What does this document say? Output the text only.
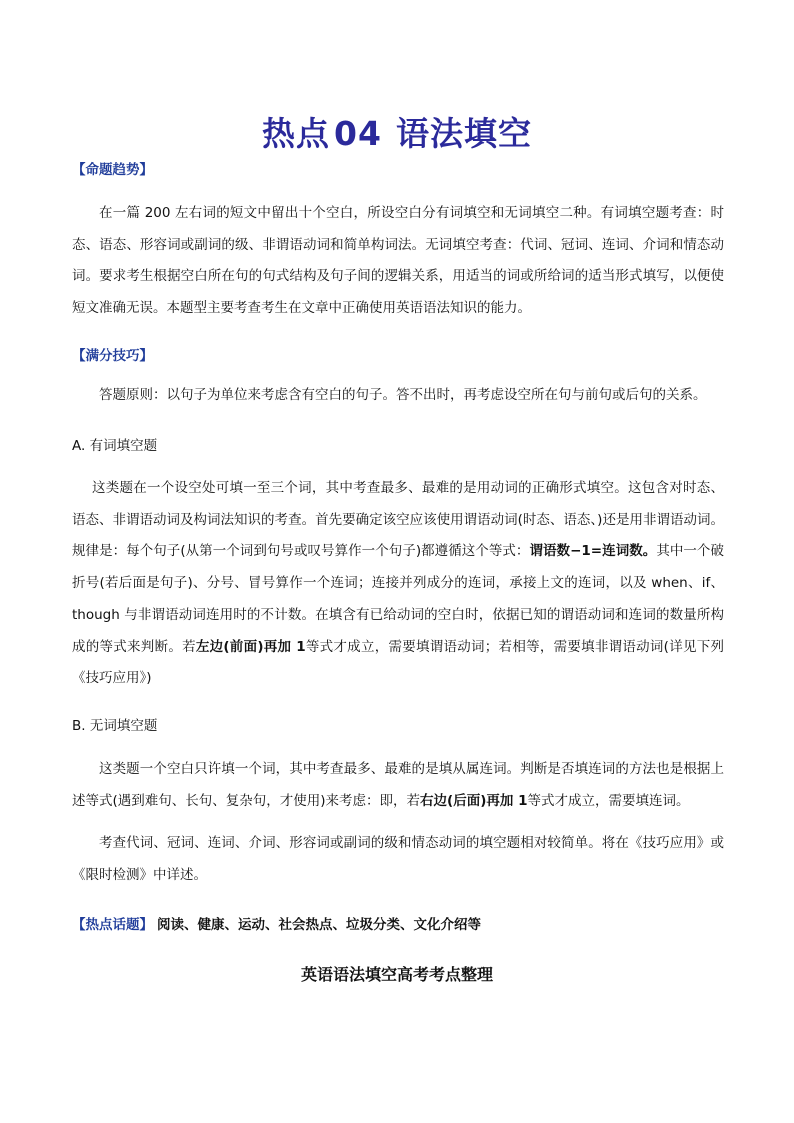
热点 04 语法填空
【命题趋势】

在一篇 200 左右词的短文中留出十个空白，所设空白分有词填空和无词填空二种。有词填空题考查：时态、语态、形容词或副词的级、非谓语动词和简单构词法。无词填空考查：代词、冠词、连词、介词和情态动词。要求考生根据空白所在句的句式结构及句子间的逻辑关系，用适当的词或所给词的适当形式填写，以便使短文准确无误。本题型主要考查考生在文章中正确使用英语语法知识的能力。

【满分技巧】

答题原则：以句子为单位来考虑含有空白的句子。答不出时，再考虑设空所在句与前句或后句的关系。

A. 有词填空题

这类题在一个设空处可填一至三个词，其中考查最多、最难的是用动词的正确形式填空。这包含对时态、语态、非谓语动词及构词法知识的考查。首先要确定该空应该使用谓语动词(时态、语态、)还是用非谓语动词。规律是：每个句子(从第一个词到句号或叹号算作一个句子)都遵循这个等式：谓语数−1=连词数。其中一个破折号(若后面是句子)、分号、冒号算作一个连词；连接并列成分的连词，承接上文的连词，以及 when、if、though 与非谓语动词连用时的不计数。在填含有已给动词的空白时，依据已知的谓语动词和连词的数量所构成的等式来判断。若左边(前面)再加 1等式才成立，需要填谓语动词；若相等，需要填非谓语动词(详见下列《技巧应用》)

B. 无词填空题

这类题一个空白只许填一个词，其中考查最多、最难的是填从属连词。判断是否填连词的方法也是根据上述等式(遇到难句、长句、复杂句，才使用)来考虑：即，若右边(后面)再加 1等式才成立，需要填连词。

考查代词、冠词、连词、介词、形容词或副词的级和情态动词的填空题相对较简单。将在《技巧应用》或《限时检测》中详述。

【热点话题】 阅读、健康、运动、社会热点、垃圾分类、文化介绍等
英语语法填空高考考点整理
